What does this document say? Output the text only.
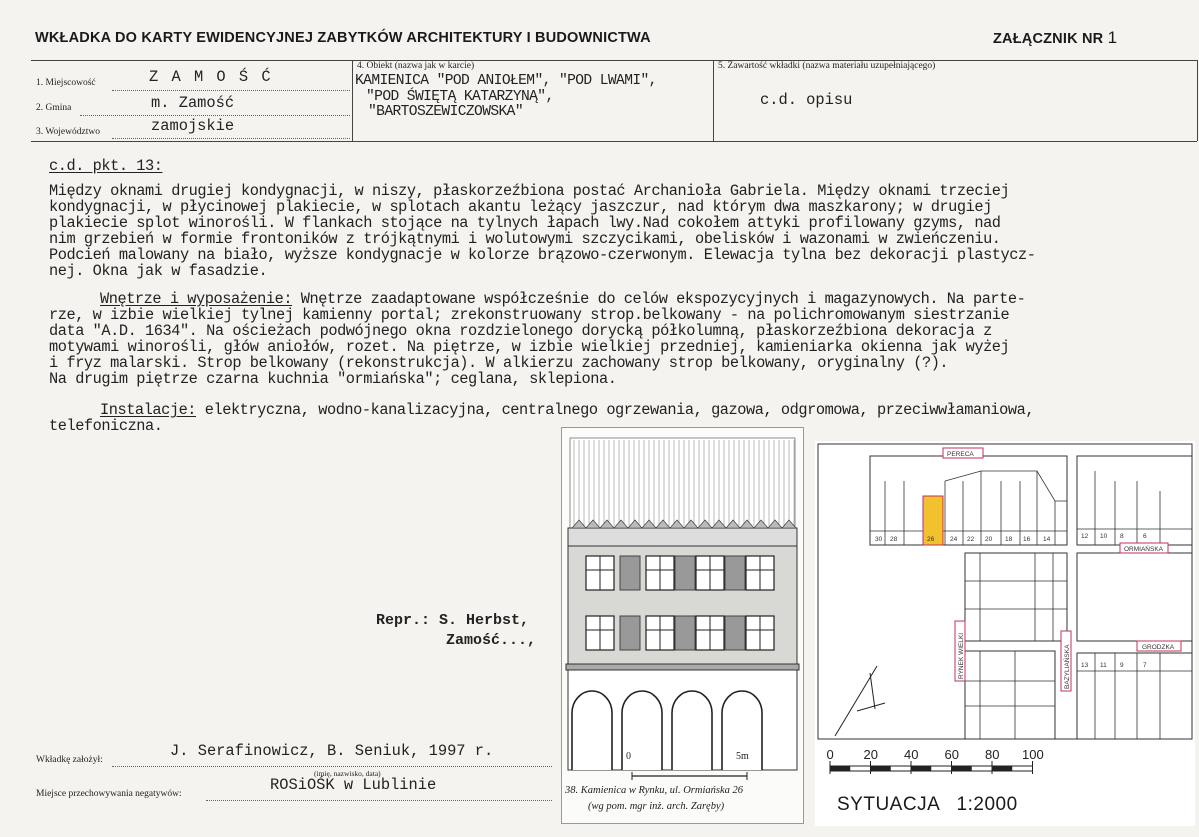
WKŁADKA DO KARTY EWIDENCYJNEJ ZABYTKÓW ARCHITEKTURY I BUDOWNICTWA	ZAŁĄCZNIK NR 1
1. Miejscowość	Z A M O Ś Ć
2. Gmina	m. Zamość
3. Województwo	zamojskie
4. Obiekt (nazwa jak w karcie)
KAMIENICA "POD ANIOŁEM", "POD LWAMI",
"POD ŚWIĘTĄ KATARZYNĄ",
"BARTOSZEWICZOWSKA"
5. Zawartość wkładki (nazwa materiału uzupełniającego)
c.d. opisu
c.d. pkt. 13:
Między oknami drugiej kondygnacji, w niszy, płaskorzeźbiona postać Archanioła Gabriela. Między oknami trzeciej
kondygnacji, w płycinowej plakiecie, w splotach akantu leżący jaszczur, nad którym dwa maszkarony; w drugiej
plakiecie splot winorośli. W flankach stojące na tylnych łapach lwy.Nad cokołem attyki profilowany gzyms, nad
nim grzebień w formie frontoników z trójkątnymi i wolutowymi szczycikami, obelisków i wazonami w zwieńczeniu.
Podcień malowany na biało, wyższe kondygnacje w kolorze brązowo-czerwonym. Elewacja tylna bez dekoracji plastycz-
nej. Okna jak w fasadzie.
Wnętrze i wyposażenie: Wnętrze zaadaptowane współcześnie do celów ekspozycyjnych i magazynowych. Na parte-
rze, w izbie wielkiej tylnej kamienny portal; zrekonstruowany strop.belkowany - na polichromowanym siestrzanie
data "A.D. 1634". Na ościeżach podwójnego okna rozdzielonego dorycką półkolumną, płaskorzeźbiona dekoracja z
motywami winorośli, głów aniołów, rozet. Na piętrze, w izbie wielkiej przedniej, kamieniarka okienna jak wyżej
i fryz malarski. Strop belkowany (rekonstrukcja). W alkierzu zachowany strop belkowany, oryginalny (?).
Na drugim piętrze czarna kuchnia "ormiańska"; ceglana, sklepiona.
Instalacje: elektryczna, wodno-kanalizacyjna, centralnego ogrzewania, gazowa, odgromowa, przeciwwłamaniowa,
telefoniczna.
Repr.: S. Herbst,
Zamość...,
Wkładkę założył:	J. Serafinowicz, B. Seniuk, 1997 r.
(imię, nazwisko, data)
Miejsce przechowywania negatywów:	ROSiOŚK w Lublinie
0	5m
38. Kamienica w Rynku, ul. Ormiańska 26
(wg pom. mgr inż. arch. Zaręby)
PERECA
ORMIAŃSKA
GRODZKA
RYNEK WIELKI	BAZYLIAŃSKA
30 28	26 24 22 20 18 16 14	12 10 8	6
13 11 9	7
0 20 40 60 80 100
SYTUACJA   1:2000
